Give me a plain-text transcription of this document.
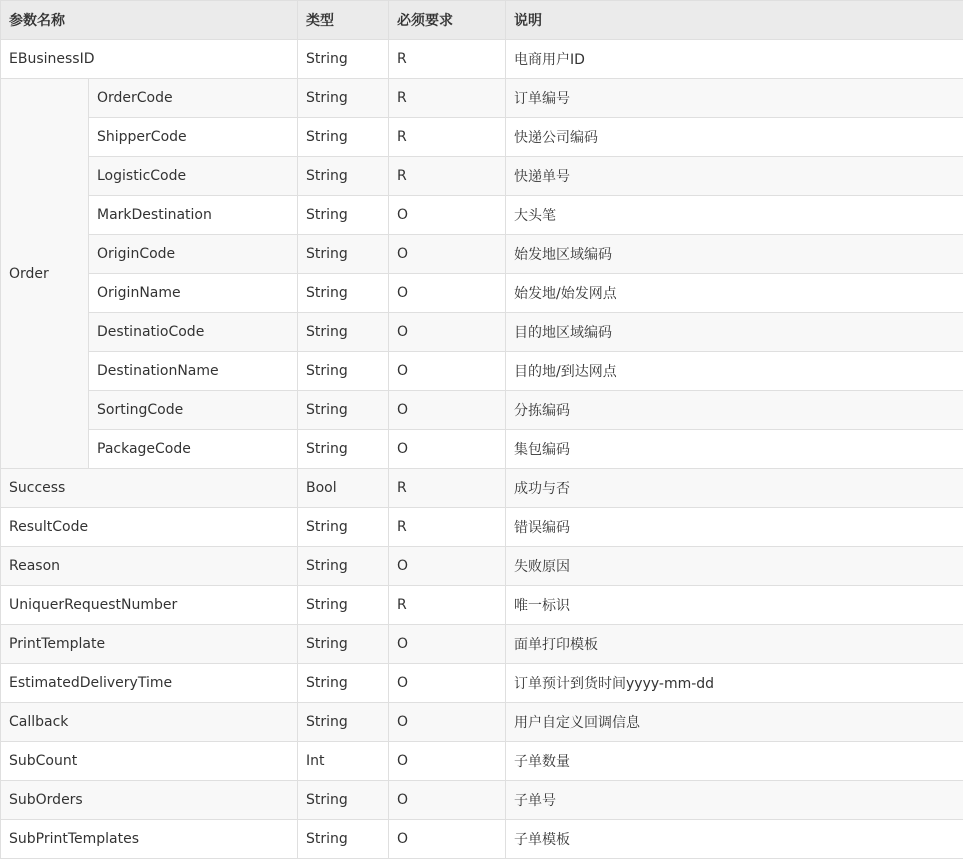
参数名称		类型	必须要求	说明
EBusinessID		String	R	电商用户ID
Order	OrderCode	String	R	订单编号
	ShipperCode	String	R	快递公司编码
	LogisticCode	String	R	快递单号
	MarkDestination	String	O	大头笔
	OriginCode	String	O	始发地区域编码
	OriginName	String	O	始发地/始发网点
	DestinatioCode	String	O	目的地区域编码
	DestinationName	String	O	目的地/到达网点
	SortingCode	String	O	分拣编码
	PackageCode	String	O	集包编码
Success		Bool	R	成功与否
ResultCode		String	R	错误编码
Reason		String	O	失败原因
UniquerRequestNumber		String	R	唯一标识
PrintTemplate		String	O	面单打印模板
EstimatedDeliveryTime		String	O	订单预计到货时间yyyy-mm-dd
Callback		String	O	用户自定义回调信息
SubCount		Int	O	子单数量
SubOrders		String	O	子单号
SubPrintTemplates		String	O	子单模板
